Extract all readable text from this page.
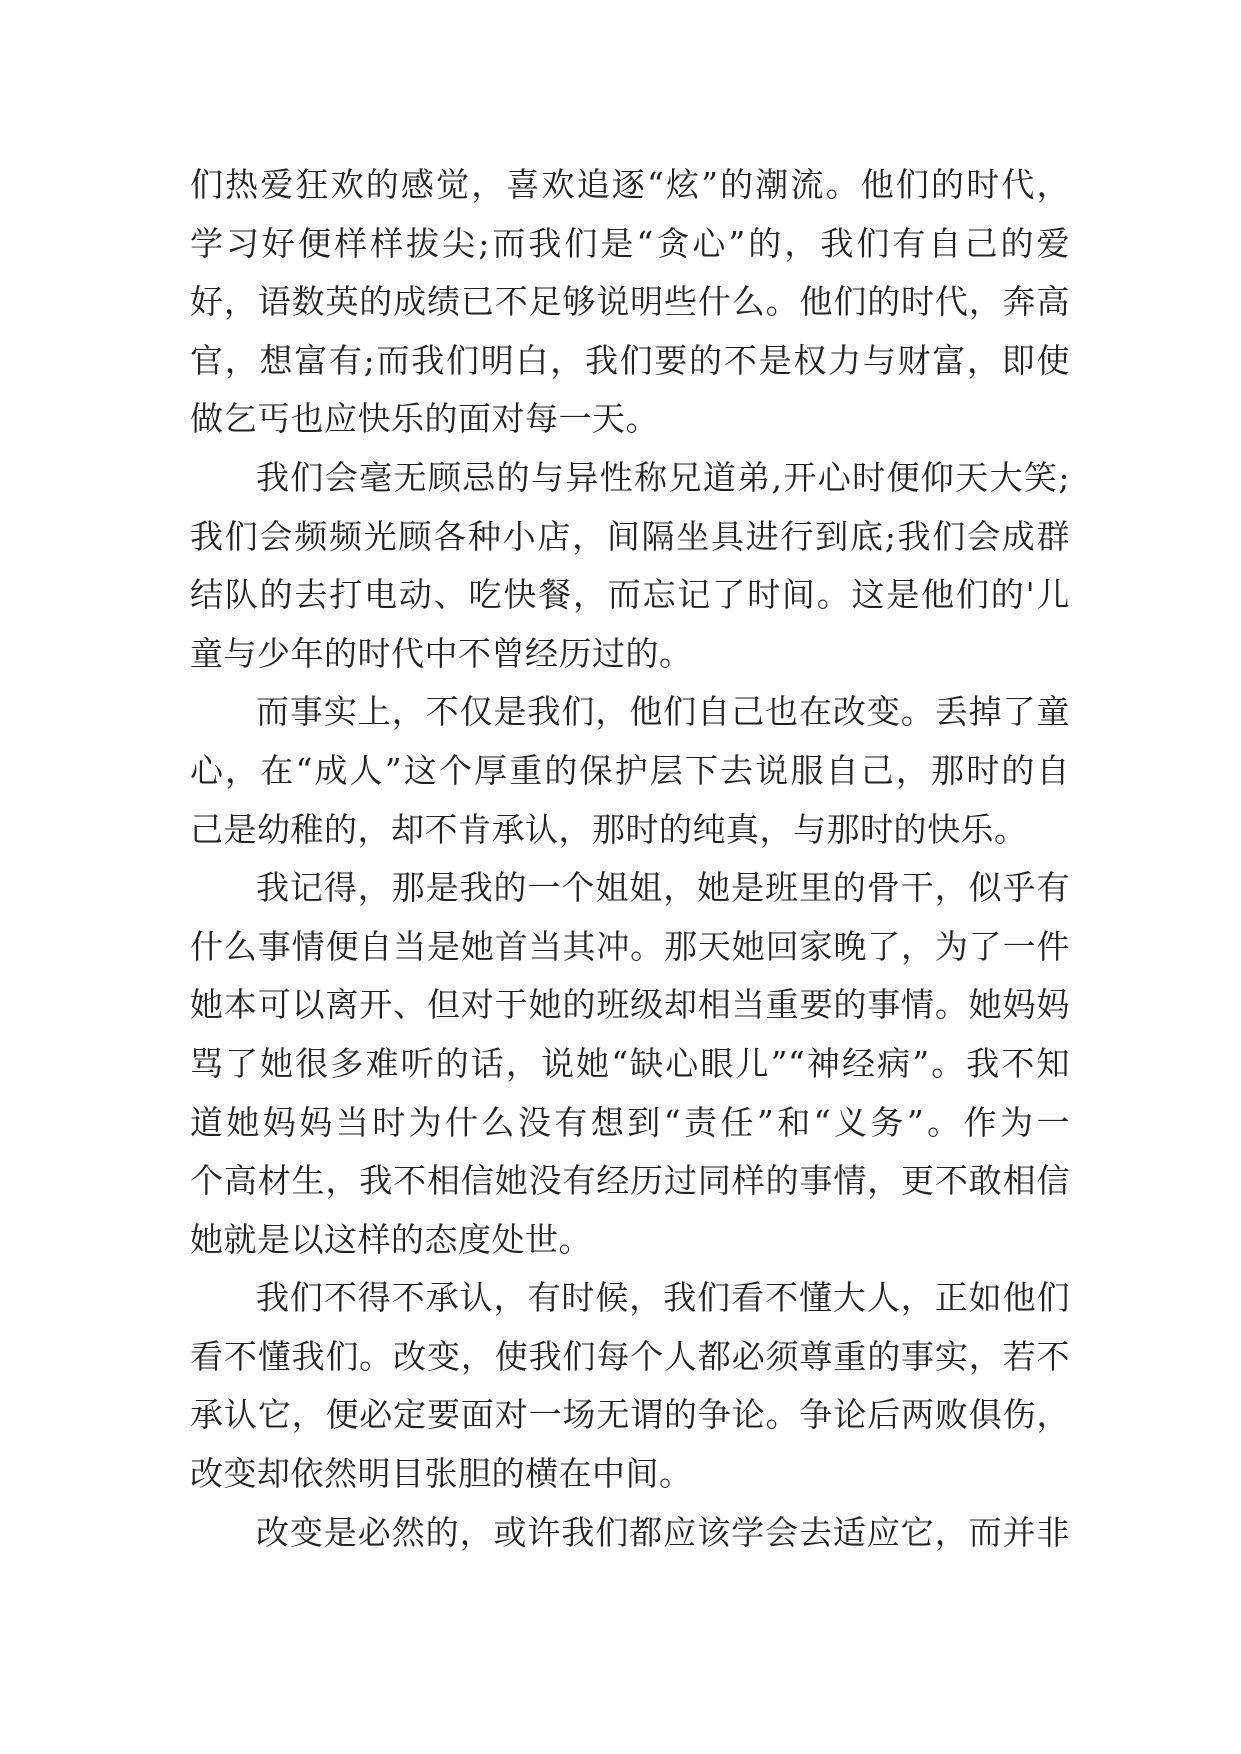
们热爱狂欢的感觉，喜欢追逐“炫”的潮流。他们的时代，
学习好便样样拔尖;而我们是“贪心”的，我们有自己的爱
好，语数英的成绩已不足够说明些什么。他们的时代，奔高
官，想富有;而我们明白，我们要的不是权力与财富，即使
做乞丐也应快乐的面对每一天。
我们会毫无顾忌的与异性称兄道弟,开心时便仰天大笑;
我们会频频光顾各种小店，间隔坐具进行到底;我们会成群
结队的去打电动、吃快餐，而忘记了时间。这是他们的'儿
童与少年的时代中不曾经历过的。
而事实上，不仅是我们，他们自己也在改变。丢掉了童
心，在“成人”这个厚重的保护层下去说服自己，那时的自
己是幼稚的，却不肯承认，那时的纯真，与那时的快乐。
我记得，那是我的一个姐姐，她是班里的骨干，似乎有
什么事情便自当是她首当其冲。那天她回家晚了，为了一件
她本可以离开、但对于她的班级却相当重要的事情。她妈妈
骂了她很多难听的话，说她“缺心眼儿”“神经病”。我不知
道她妈妈当时为什么没有想到“责任”和“义务”。作为一
个高材生，我不相信她没有经历过同样的事情，更不敢相信
她就是以这样的态度处世。
我们不得不承认，有时候，我们看不懂大人，正如他们
看不懂我们。改变，使我们每个人都必须尊重的事实，若不
承认它，便必定要面对一场无谓的争论。争论后两败俱伤，
改变却依然明目张胆的横在中间。
改变是必然的，或许我们都应该学会去适应它，而并非
